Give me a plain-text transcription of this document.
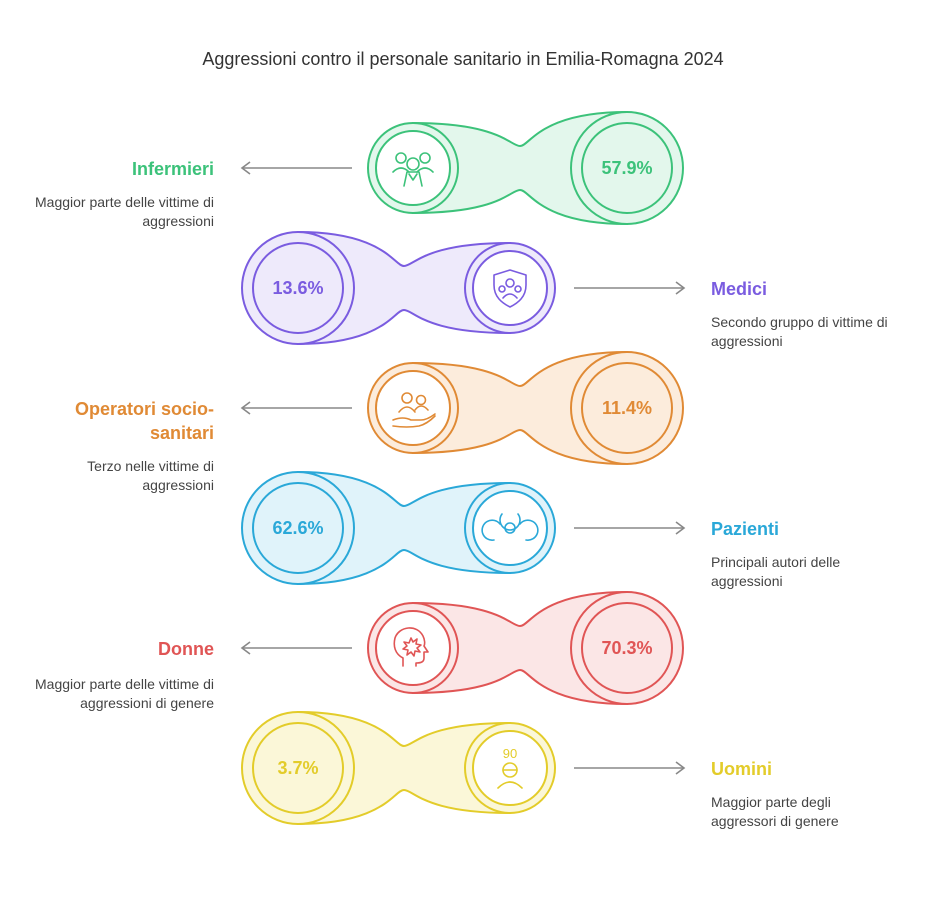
Aggressioni contro il personale sanitario in Emilia-Romagna 2024
57.9%
13.6%
11.4%
62.6%
70.3%
3.7%
90
Infermieri
Maggior parte delle vittime di aggressioni
Medici
Secondo gruppo di vittime di aggressioni
Operatori socio-sanitari
Terzo nelle vittime di aggressioni
Pazienti
Principali autori delle aggressioni
Donne
Maggior parte delle vittime di aggressioni di genere
Uomini
Maggior parte degli aggressori di genere
